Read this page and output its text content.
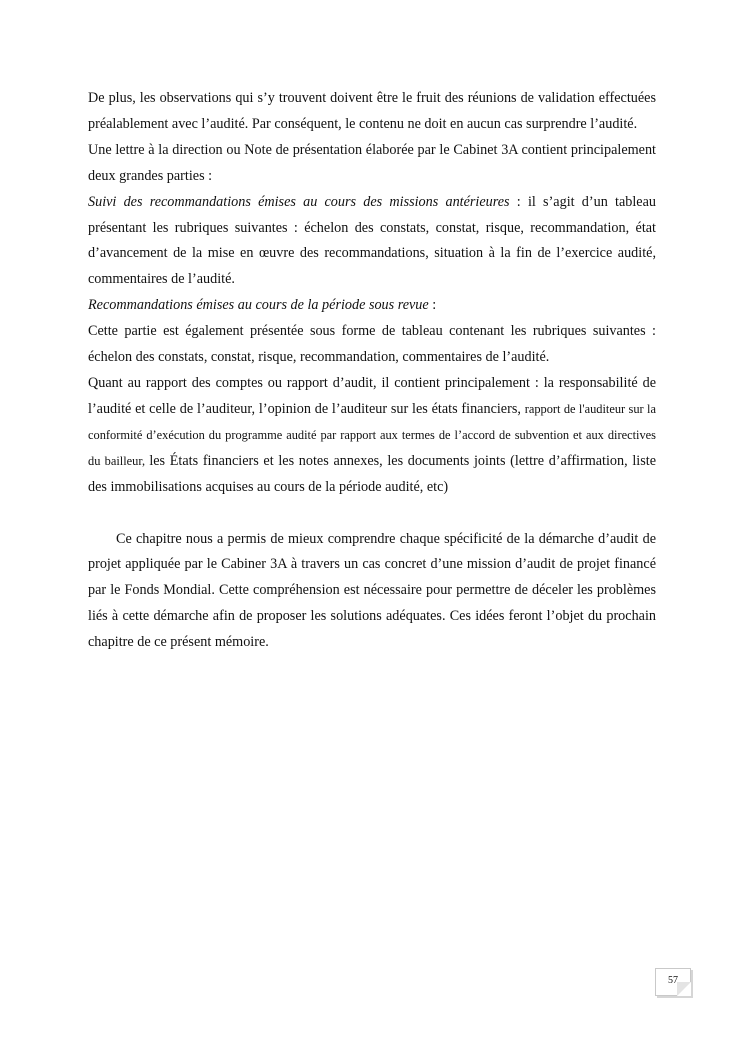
De plus, les observations qui s’y trouvent doivent être le fruit des réunions de validation effectuées préalablement avec l’audité. Par conséquent, le contenu ne doit en aucun cas surprendre l’audité.

Une lettre à la direction ou Note de présentation élaborée par le Cabinet 3A contient principalement deux grandes parties :

Suivi des recommandations émises au cours des missions antérieures : il s’agit d’un tableau présentant les rubriques suivantes : échelon des constats, constat, risque, recommandation, état d’avancement de la mise en œuvre des recommandations, situation à la fin de l’exercice audité, commentaires de l’audité.

Recommandations émises au cours de la période sous revue :

Cette partie est également présentée sous forme de tableau contenant les rubriques suivantes : échelon des constats, constat, risque, recommandation, commentaires de l’audité.

Quant au rapport des comptes ou rapport d’audit, il contient principalement : la responsabilité de l’audité et celle de l’auditeur, l’opinion de l’auditeur sur les états financiers, rapport de l'auditeur sur la conformité d’exécution du programme audité par rapport aux termes de l’accord de subvention et aux directives du bailleur, les États financiers et les notes annexes, les documents joints (lettre d’affirmation, liste des immobilisations acquises au cours de la période audité, etc)

Ce chapitre nous a permis de mieux comprendre chaque spécificité de la démarche d’audit de projet appliquée par le Cabiner 3A à travers un cas concret d’une mission d’audit de projet financé par le Fonds Mondial. Cette compréhension est nécessaire pour permettre de déceler les problèmes liés à cette démarche afin de proposer les solutions adéquates. Ces idées feront l’objet du prochain chapitre de ce présent mémoire.

57
